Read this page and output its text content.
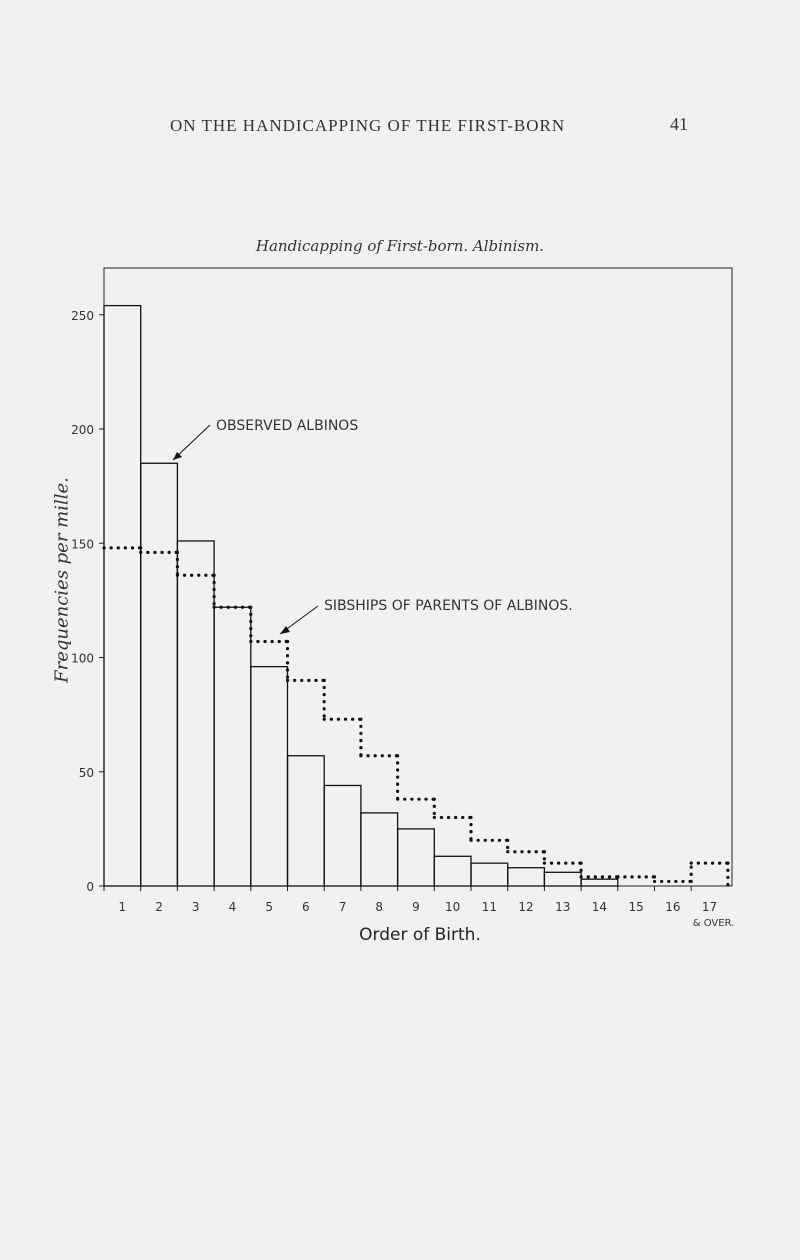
ON THE HANDICAPPING OF THE FIRST-BORN	41
Handicapping of First-born. Albinism.
Frequencies per mille.
Order of Birth.
0
50
100
150
200
250
1 2 3 4 5 6 7 8 9 10 11 12 13 14 15 16 17
& OVER.
OBSERVED ALBINOS
SIBSHIPS OF PARENTS OF ALBINOS.
